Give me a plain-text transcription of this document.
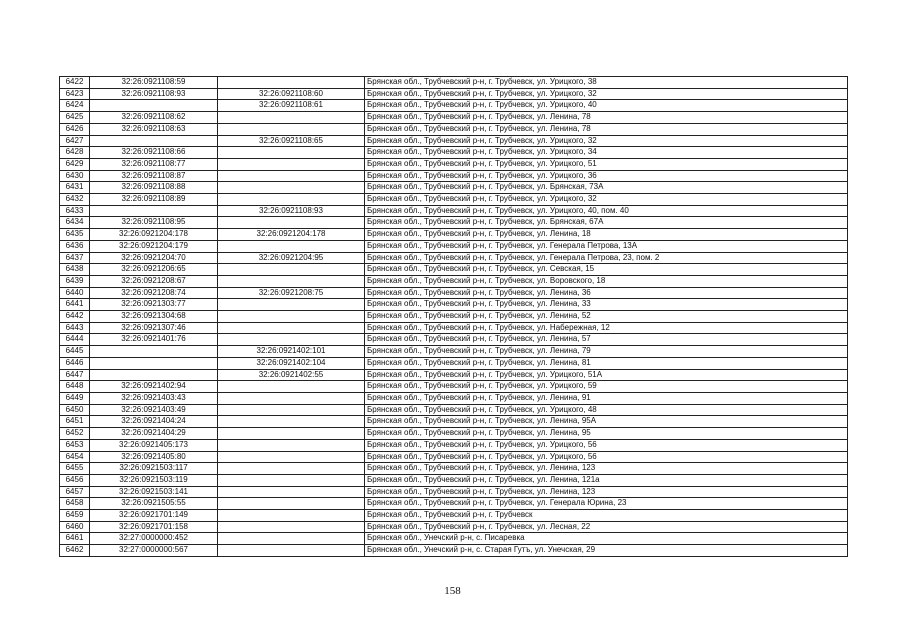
6422	32:26:0921108:59		Брянская обл., Трубчевский р-н, г. Трубчевск, ул. Урицкого, 38
6423	32:26:0921108:93	32:26:0921108:60	Брянская обл., Трубчевский р-н, г. Трубчевск, ул. Урицкого, 32
6424		32:26:0921108:61	Брянская обл., Трубчевский р-н, г. Трубчевск, ул. Урицкого, 40
6425	32:26:0921108:62		Брянская обл., Трубчевский р-н, г. Трубчевск, ул. Ленина, 78
6426	32:26:0921108:63		Брянская обл., Трубчевский р-н, г. Трубчевск, ул. Ленина, 78
6427		32:26:0921108:65	Брянская обл., Трубчевский р-н, г. Трубчевск, ул. Урицкого, 32
6428	32:26:0921108:66		Брянская обл., Трубчевский р-н, г. Трубчевск, ул. Урицкого, 34
6429	32:26:0921108:77		Брянская обл., Трубчевский р-н, г. Трубчевск, ул. Урицкого, 51
6430	32:26:0921108:87		Брянская обл., Трубчевский р-н, г. Трубчевск, ул. Урицкого, 36
6431	32:26:0921108:88		Брянская обл., Трубчевский р-н, г. Трубчевск, ул. Брянская, 73А
6432	32:26:0921108:89		Брянская обл., Трубчевский р-н, г. Трубчевск, ул. Урицкого, 32
6433		32:26:0921108:93	Брянская обл., Трубчевский р-н, г. Трубчевск, ул. Урицкого, 40, пом. 40
6434	32:26:0921108:95		Брянская обл., Трубчевский р-н, г. Трубчевск, ул. Брянская, 67А
6435	32:26:0921204:178	32:26:0921204:178	Брянская обл., Трубчевский р-н, г. Трубчевск, ул. Ленина, 18
6436	32:26:0921204:179		Брянская обл., Трубчевский р-н, г. Трубчевск, ул. Генерала Петрова, 13А
6437	32:26:0921204:70	32:26:0921204:95	Брянская обл., Трубчевский р-н, г. Трубчевск, ул. Генерала Петрова, 23, пом. 2
6438	32:26:0921206:65		Брянская обл., Трубчевский р-н, г. Трубчевск, ул. Севская, 15
6439	32:26:0921208:67		Брянская обл., Трубчевский р-н, г. Трубчевск, ул. Воровского, 18
6440	32:26:0921208:74	32:26:0921208:75	Брянская обл., Трубчевский р-н, г. Трубчевск, ул. Ленина, 36
6441	32:26:0921303:77		Брянская обл., Трубчевский р-н, г. Трубчевск, ул. Ленина, 33
6442	32:26:0921304:68		Брянская обл., Трубчевский р-н, г. Трубчевск, ул. Ленина, 52
6443	32:26:0921307:46		Брянская обл., Трубчевский р-н, г. Трубчевск, ул. Набережная, 12
6444	32:26:0921401:76		Брянская обл., Трубчевский р-н, г. Трубчевск, ул. Ленина, 57
6445		32:26:0921402:101	Брянская обл., Трубчевский р-н, г. Трубчевск, ул. Ленина, 79
6446		32:26:0921402:104	Брянская обл., Трубчевский р-н, г. Трубчевск, ул. Ленина, 81
6447		32:26:0921402:55	Брянская обл., Трубчевский р-н, г. Трубчевск, ул. Урицкого, 51А
6448	32:26:0921402:94		Брянская обл., Трубчевский р-н, г. Трубчевск, ул. Урицкого, 59
6449	32:26:0921403:43		Брянская обл., Трубчевский р-н, г. Трубчевск, ул. Ленина, 91
6450	32:26:0921403:49		Брянская обл., Трубчевский р-н, г. Трубчевск, ул. Урицкого, 48
6451	32:26:0921404:24		Брянская обл., Трубчевский р-н, г. Трубчевск, ул. Ленина, 95А
6452	32:26:0921404:29		Брянская обл., Трубчевский р-н, г. Трубчевск, ул. Ленина, 95
6453	32:26:0921405:173		Брянская обл., Трубчевский р-н, г. Трубчевск, ул. Урицкого, 56
6454	32:26:0921405:80		Брянская обл., Трубчевский р-н, г. Трубчевск, ул. Урицкого, 56
6455	32:26:0921503:117		Брянская обл., Трубчевский р-н, г. Трубчевск, ул. Ленина, 123
6456	32:26:0921503:119		Брянская обл., Трубчевский р-н, г. Трубчевск, ул. Ленина, 121а
6457	32:26:0921503:141		Брянская обл., Трубчевский р-н, г. Трубчевск, ул. Ленина, 123
6458	32:26:0921505:55		Брянская обл., Трубчевский р-н, г. Трубчевск, ул. Генерала Юрина, 23
6459	32:26:0921701:149		Брянская обл., Трубчевский р-н, г. Трубчевск
6460	32:26:0921701:158		Брянская обл., Трубчевский р-н, г. Трубчевск, ул. Лесная, 22
6461	32:27:0000000:452		Брянская обл., Унечский р-н, с. Писаревка
6462	32:27:0000000:567		Брянская обл., Унечский р-н, с. Старая Гутъ, ул. Унечская, 29
158
